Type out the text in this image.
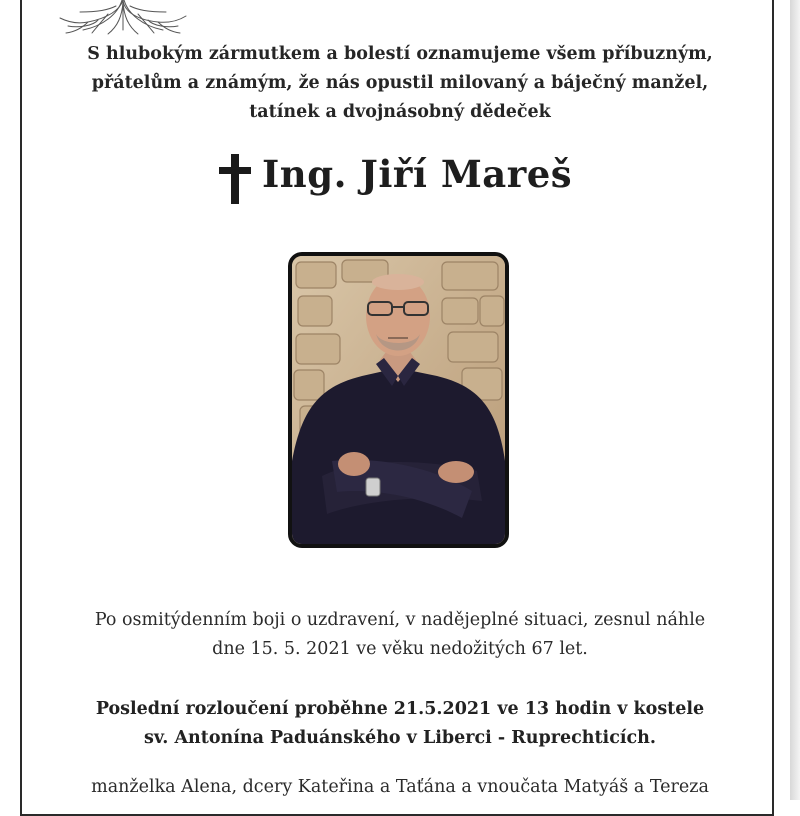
S hlubokým zármutkem a bolestí oznamujeme všem příbuzným,
přátelům a známým, že nás opustil milovaný a báječný manžel,
tatínek a dvojnásobný dědeček
Ing. Jiří Mareš
Po osmitýdenním boji o uzdravení, v nadějeplné situaci, zesnul náhle
dne 15. 5. 2021 ve věku nedožitých 67 let.
Poslední rozloučení proběhne 21.5.2021 ve 13 hodin v kostele
sv. Antonína Paduánského v Liberci - Ruprechticích.
manželka Alena, dcery Kateřina a Taťána a vnoučata Matyáš a Tereza
